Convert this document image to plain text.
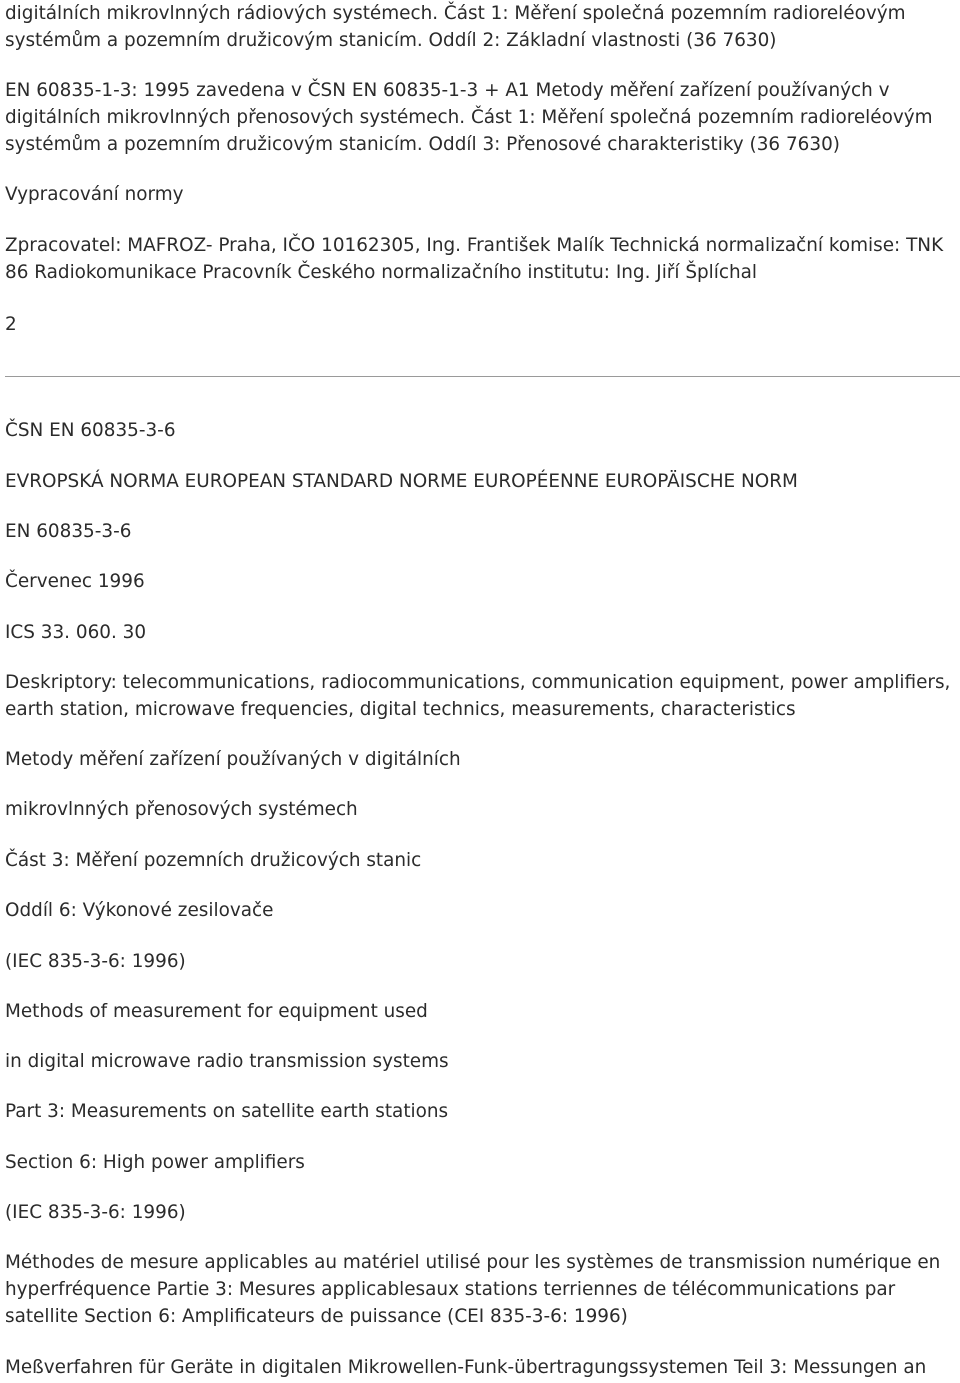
digitálních mikrovlnných rádiových systémech. Část 1: Měření společná pozemním radioreléovým systémům a pozemním družicovým stanicím. Oddíl 2: Základní vlastnosti (36 7630)

EN 60835-1-3: 1995 zavedena v ČSN EN 60835-1-3 + A1 Metody měření zařízení používaných v digitálních mikrovlnných přenosových systémech. Část 1: Měření společná pozemním radioreléovým systémům a pozemním družicovým stanicím. Oddíl 3: Přenosové charakteristiky (36 7630)

Vypracování normy

Zpracovatel: MAFROZ- Praha, IČO 10162305, Ing. František Malík Technická normalizační komise: TNK 86 Radiokomunikace Pracovník Českého normalizačního institutu: Ing. Jiří Šplíchal

2

ČSN EN 60835-3-6

EVROPSKÁ NORMA EUROPEAN STANDARD NORME EUROPÉENNE EUROPÄISCHE NORM

EN 60835-3-6

Červenec 1996

ICS 33. 060. 30

Deskriptory: telecommunications, radiocommunications, communication equipment, power amplifiers, earth station, microwave frequencies, digital technics, measurements, characteristics

Metody měření zařízení používaných v digitálních

mikrovlnných přenosových systémech

Část 3: Měření pozemních družicových stanic

Oddíl 6: Výkonové zesilovače

(IEC 835-3-6: 1996)

Methods of measurement for equipment used

in digital microwave radio transmission systems

Part 3: Measurements on satellite earth stations

Section 6: High power amplifiers

(IEC 835-3-6: 1996)

Méthodes de mesure applicables au matériel utilisé pour les systèmes de transmission numérique en hyperfréquence Partie 3: Mesures applicablesaux stations terriennes de télécommunications par satellite Section 6: Amplificateurs de puissance (CEI 835-3-6: 1996)

Meßverfahren für Geräte in digitalen Mikrowellen-Funk-übertragungssystemen Teil 3: Messungen an
